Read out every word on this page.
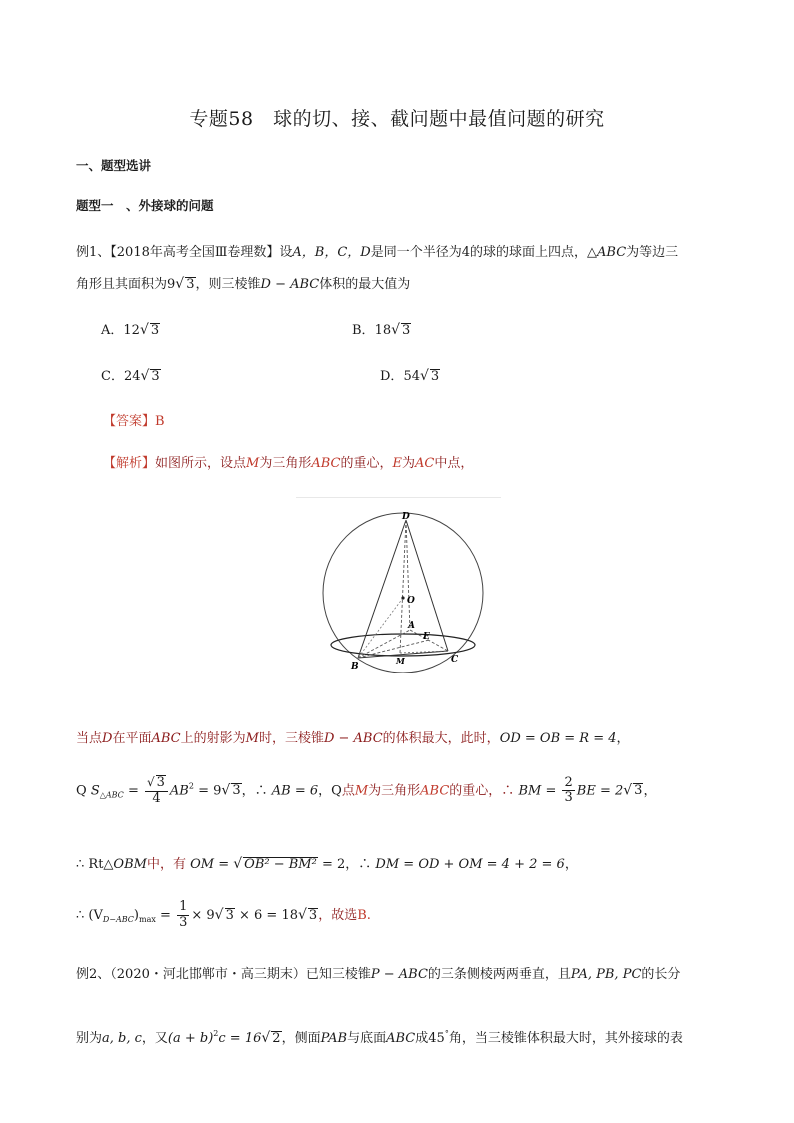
专题58　球的切、接、截问题中最值问题的研究
一、题型选讲
题型一　、外接球的问题
例1、【2018年高考全国Ⅲ卷理数】设A，B，C，D是同一个半径为4的球的球面上四点，△ABC为等边三
角形且其面积为9√ 3，则三棱锥D − ABC体积的最大值为
A．12√ 3	B．18√ 3
C．24√ 3	D．54√ 3
【答案】B
【解析】如图所示，设点M为三角形ABC的重心，E为AC中点，
D
O
A
E
B
M	C
当点D在平面ABC上的射影为M时，三棱锥D − ABC的体积最大，此时，OD = OB = R = 4，
Q $S_{\triangle ABC} = \frac{√ 3}{4} AB^2 = 9√$ 3，∴ AB = 6，Q点M为三角形ABC的重心，∴ BM = $\frac{2}{3}$ BE = 2√ 3，
∴ Rt△OBM中，有 OM = √ OB² − BM² = 2，∴ DM = OD + OM = 4 + 2 = 6，
∴ $(V_{D-ABC})_{max} = \frac{1}{3} \times 9√$ 3 × 6 = 18√ 3，故选B.
例2、（2020・河北邯郸市・高三期末）已知三棱锥P − ABC的三条侧棱两两垂直，且PA, PB, PC的长分
别为a, b, c，又$(a + b)^2c = 16√$ 2，侧面PAB与底面ABC成45°角，当三棱锥体积最大时，其外接球的表
